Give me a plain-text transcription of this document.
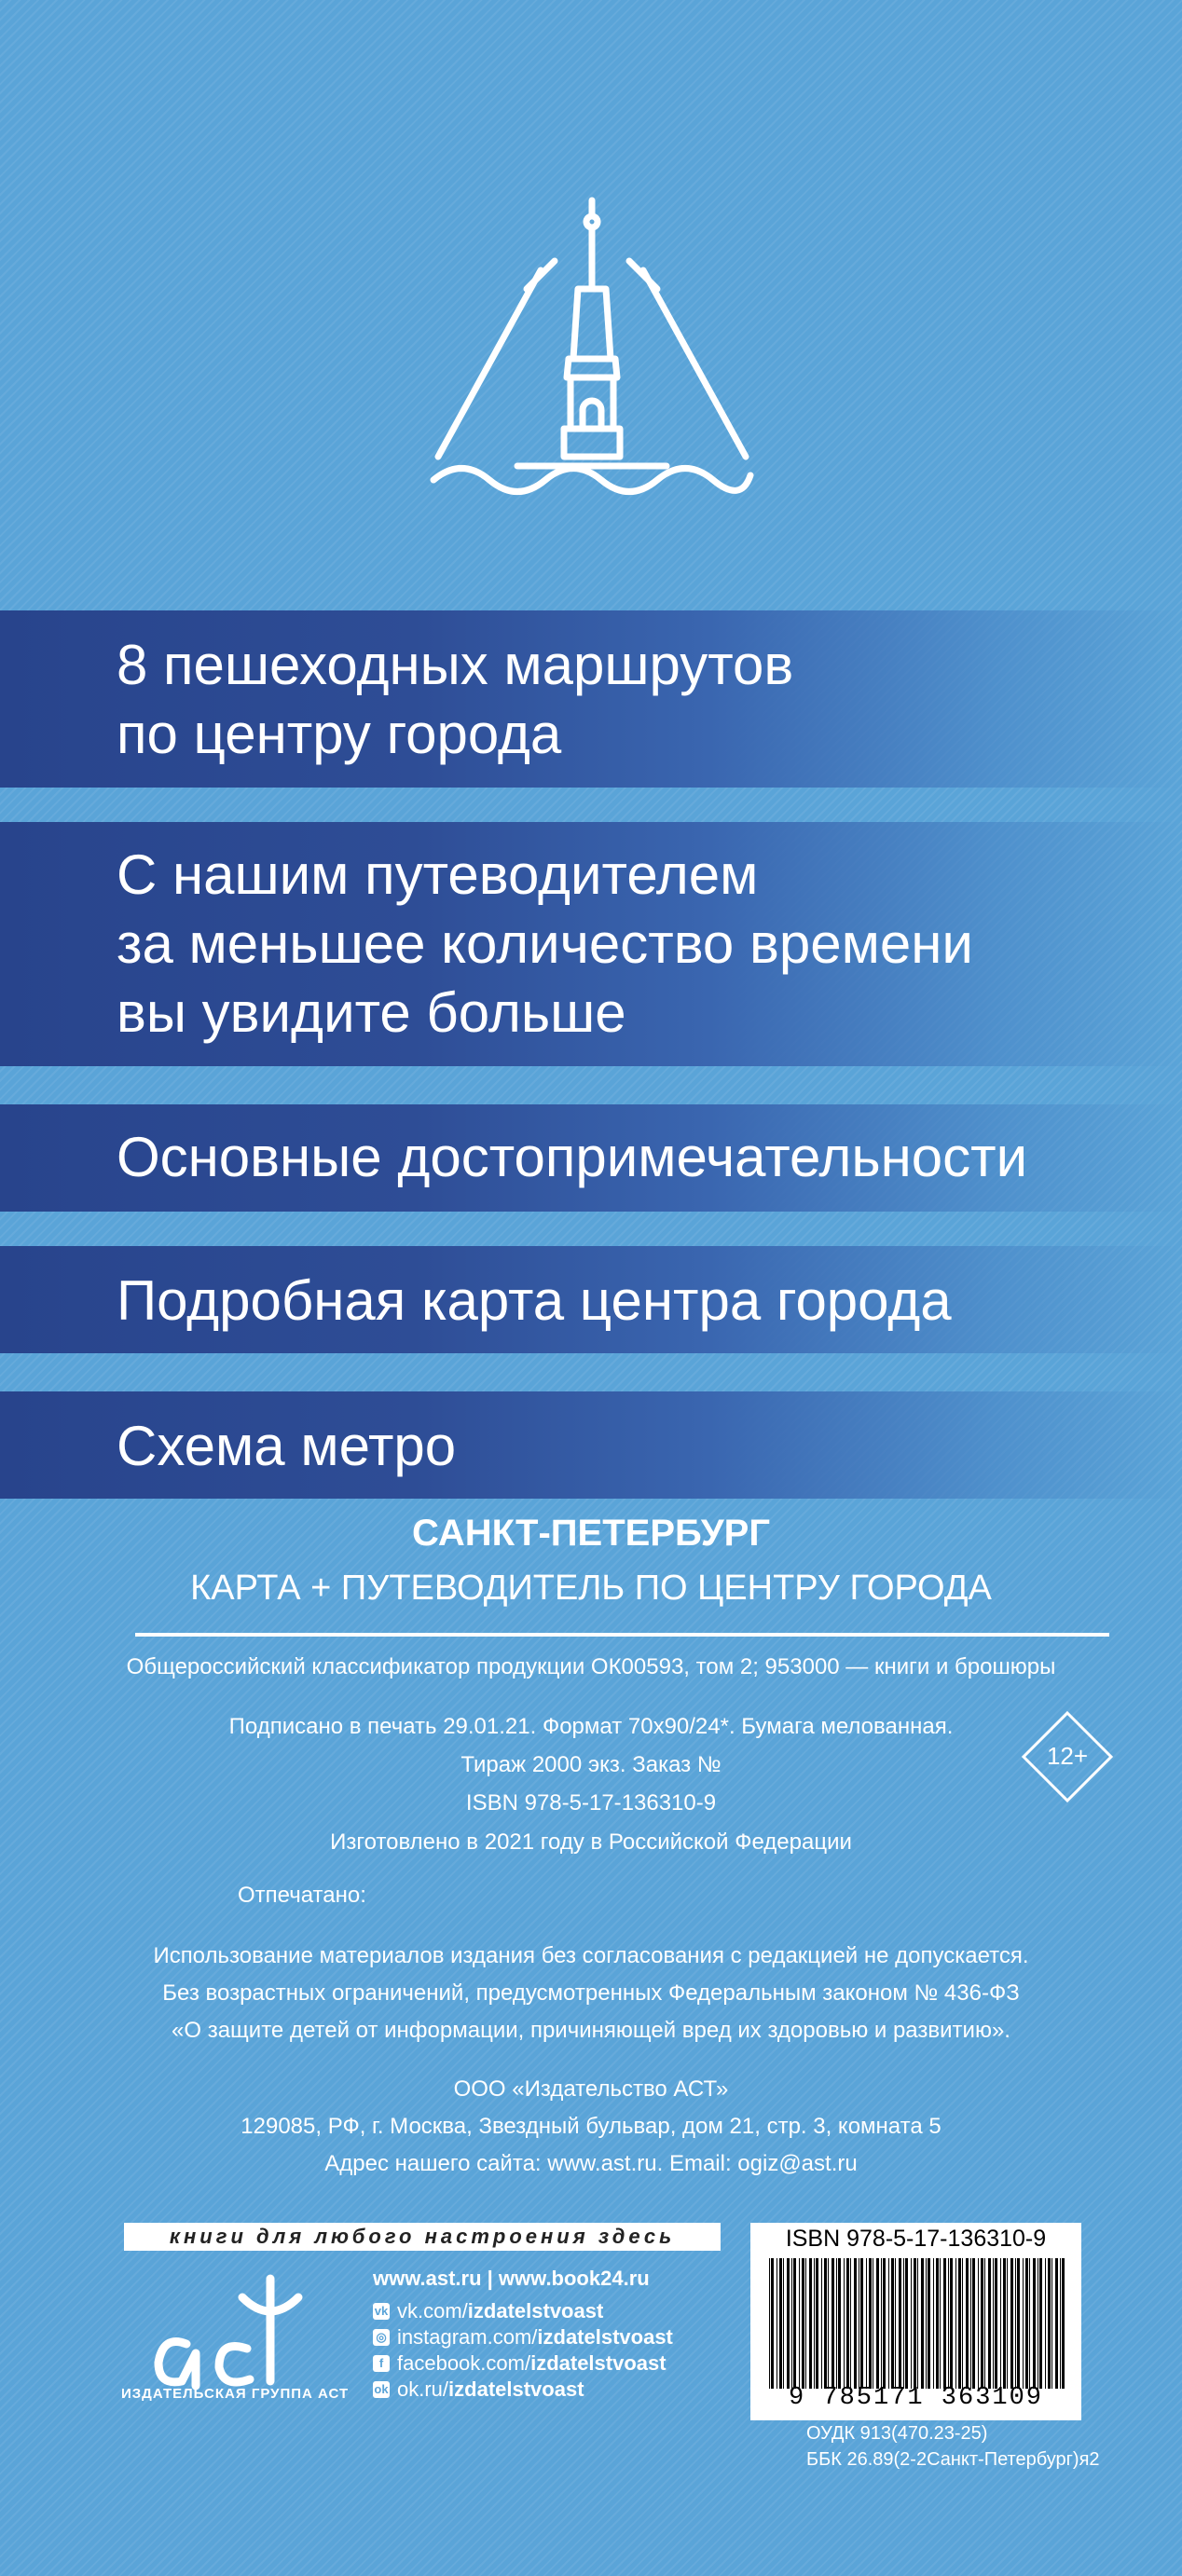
8 пешеходных маршрутов
по центру города
С нашим путеводителем
за меньшее количество времени
вы увидите больше
Основные достопримечательности
Подробная карта центра города
Схема метро
САНКТ-ПЕТЕРБУРГ
КАРТА + ПУТЕВОДИТЕЛЬ ПО ЦЕНТРУ ГОРОДА
Общероссийский классификатор продукции ОК00593, том 2; 953000 — книги и брошюры
Подписано в печать 29.01.21. Формат 70x90/24*. Бумага мелованная.
Тираж 2000 экз. Заказ №
ISBN 978-5-17-136310-9
Изготовлено в 2021 году в Российской Федерации
Отпечатано:
Использование материалов издания без согласования с редакцией не допускается.
Без возрастных ограничений, предусмотренных Федеральным законом № 436-ФЗ
«О защите детей от информации, причиняющей вред их здоровью и развитию».
ООО «Издательство АСТ»
129085, РФ, г. Москва, Звездный бульвар, дом 21, стр. 3, комната 5
Адрес нашего сайта: www.ast.ru. Email: ogiz@ast.ru
12+
книги для любого настроения здесь
аст
ИЗДАТЕЛЬСКАЯ ГРУППА АСТ
www.ast.ru | www.book24.ru
vk vk.com/ izdatelstvoast
◎ instagram.com/ izdatelstvoast
f facebook.com/ izdatelstvoast
ok ok.ru/ izdatelstvoast
ISBN 978-5-17-136310-9
9 785171 363109
ОУДК 913(470.23-25)
ББК 26.89(2-2Санкт-Петербург)я2
